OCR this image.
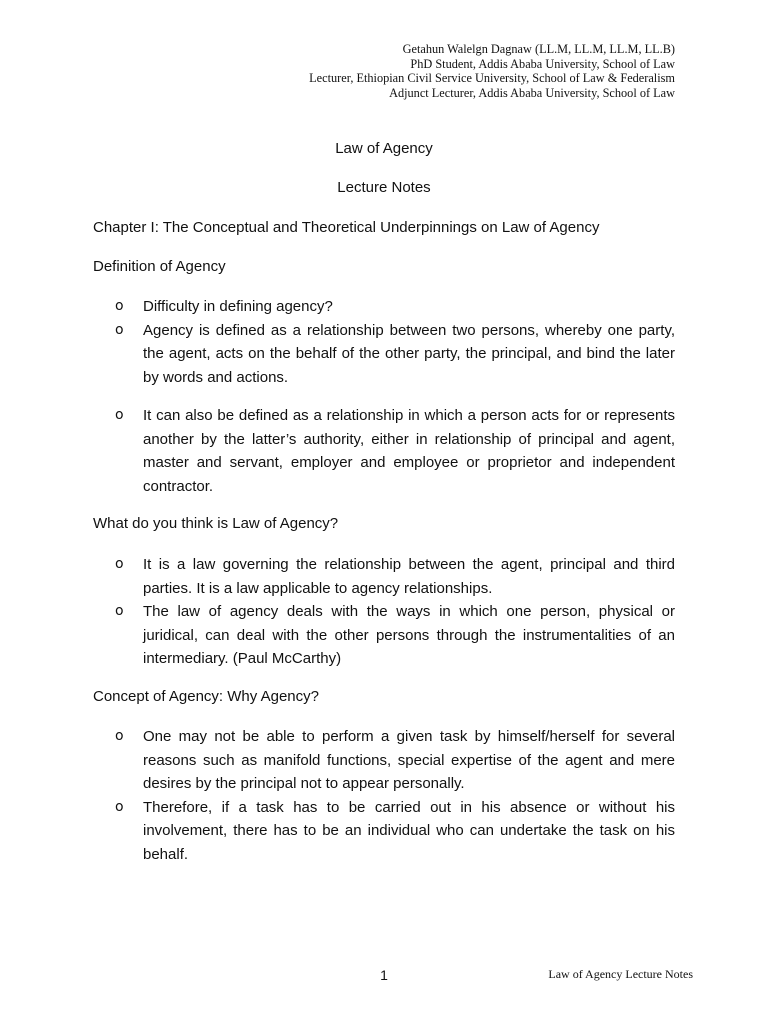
Getahun Walelgn Dagnaw (LL.M, LL.M, LL.M, LL.B)
PhD Student, Addis Ababa University, School of Law
Lecturer, Ethiopian Civil Service University, School of Law & Federalism
Adjunct Lecturer, Addis Ababa University, School of Law
Law of Agency
Lecture Notes
Chapter I: The Conceptual and Theoretical Underpinnings on Law of Agency
Definition of Agency
o Difficulty in defining agency?
o Agency is defined as a relationship between two persons, whereby one party, the agent, acts on the behalf of the other party, the principal, and bind the later by words and actions.
o It can also be defined as a relationship in which a person acts for or represents another by the latter’s authority, either in relationship of principal and agent, master and servant, employer and employee or proprietor and independent contractor.
What do you think is Law of Agency?
o It is a law governing the relationship between the agent, principal and third parties. It is a law applicable to agency relationships.
o The law of agency deals with the ways in which one person, physical or juridical, can deal with the other persons through the instrumentalities of an intermediary. (Paul McCarthy)
Concept of Agency: Why Agency?
o One may not be able to perform a given task by himself/herself for several reasons such as manifold functions, special expertise of the agent and mere desires by the principal not to appear personally.
o Therefore, if a task has to be carried out in his absence or without his involvement, there has to be an individual who can undertake the task on his behalf.
1	Law of Agency Lecture Notes
